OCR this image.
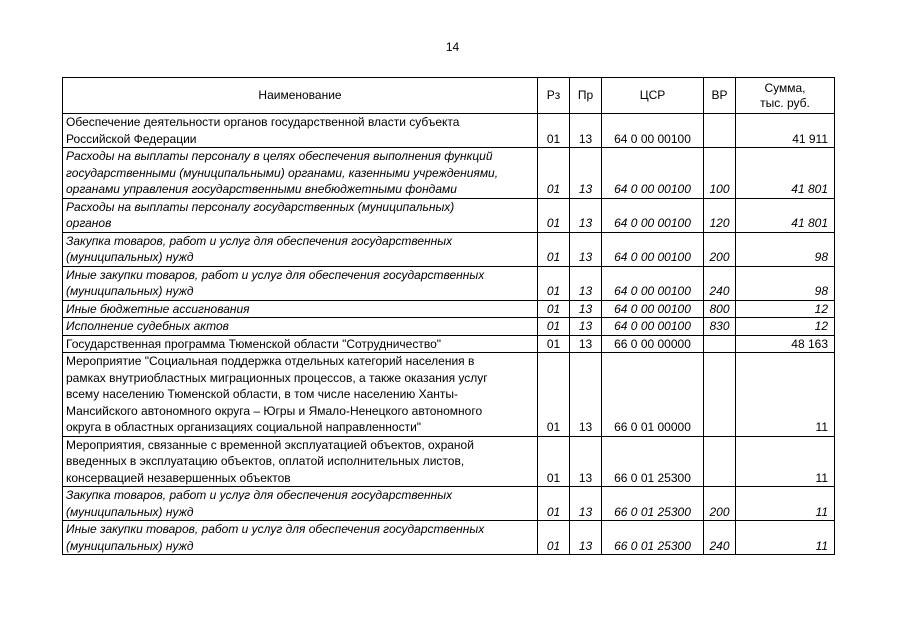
14
Наименование	Рз	Пр	ЦСР	ВР	Сумма,
тыс. руб.
Обеспечение деятельности органов государственной власти субъекта
Российской Федерации	01	13	64 0 00 00100		41 911
Расходы на выплаты персоналу в целях обеспечения выполнения функций
государственными (муниципальными) органами, казенными учреждениями,
органами управления государственными внебюджетными фондами	01	13	64 0 00 00100	100	41 801
Расходы на выплаты персоналу государственных (муниципальных)
органов	01	13	64 0 00 00100	120	41 801
Закупка товаров, работ и услуг для обеспечения государственных
(муниципальных) нужд	01	13	64 0 00 00100	200	98
Иные закупки товаров, работ и услуг для обеспечения государственных
(муниципальных) нужд	01	13	64 0 00 00100	240	98
Иные бюджетные ассигнования	01	13	64 0 00 00100	800	12
Исполнение судебных актов	01	13	64 0 00 00100	830	12
Государственная программа Тюменской области "Сотрудничество"	01	13	66 0 00 00000		48 163
Мероприятие "Социальная поддержка отдельных категорий населения в
рамках внутриобластных миграционных процессов, а также оказания услуг
всему населению Тюменской области, в том числе населению Ханты-
Мансийского автономного округа – Югры и Ямало-Ненецкого автономного
округа в областных организациях социальной направленности"	01	13	66 0 01 00000		11
Мероприятия, связанные с временной эксплуатацией объектов, охраной
введенных в эксплуатацию объектов, оплатой исполнительных листов,
консервацией незавершенных объектов	01	13	66 0 01 25300		11
Закупка товаров, работ и услуг для обеспечения государственных
(муниципальных) нужд	01	13	66 0 01 25300	200	11
Иные закупки товаров, работ и услуг для обеспечения государственных
(муниципальных) нужд	01	13	66 0 01 25300	240	11
